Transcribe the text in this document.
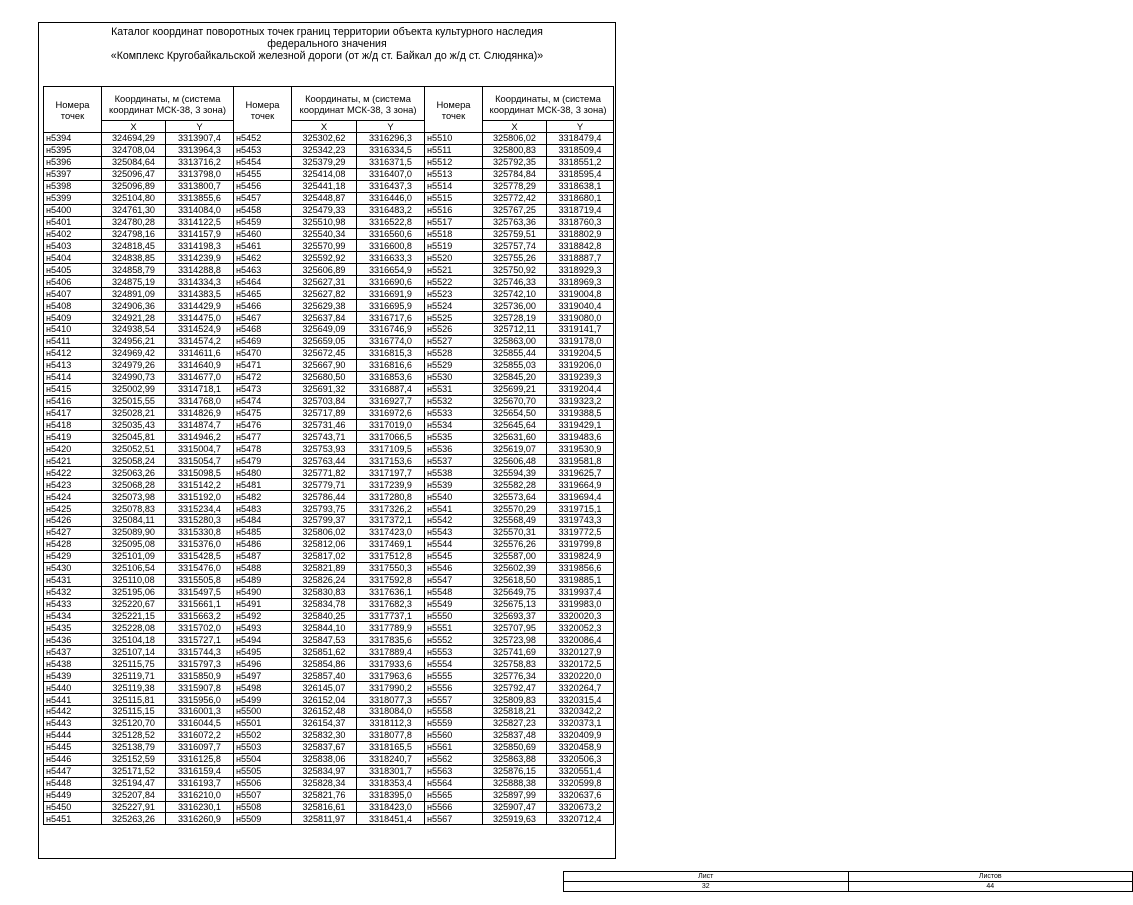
Каталог координат поворотных точек границ территории объекта культурного наследия
федерального значения
«Комплекс Кругобайкальской железной дороги (от ж/д ст. Байкал до ж/д ст. Слюдянка)»
Номера точек	Координаты, м (система координат МСК-38, 3 зона)		Номера точек	Координаты, м (система координат МСК-38, 3 зона)		Номера точек	Координаты, м (система координат МСК-38, 3 зона)	
	X	Y		X	Y		X	Y
н5394	324694,29	3313907,4	н5452	325302,62	3316296,3	н5510	325806,02	3318479,4
н5395	324708,04	3313964,3	н5453	325342,23	3316334,5	н5511	325800,83	3318509,4
н5396	325084,64	3313716,2	н5454	325379,29	3316371,5	н5512	325792,35	3318551,2
н5397	325096,47	3313798,0	н5455	325414,08	3316407,0	н5513	325784,84	3318595,4
н5398	325096,89	3313800,7	н5456	325441,18	3316437,3	н5514	325778,29	3318638,1
н5399	325104,80	3313855,6	н5457	325448,87	3316446,0	н5515	325772,42	3318680,1
н5400	324761,30	3314084,0	н5458	325479,33	3316483,2	н5516	325767,25	3318719,4
н5401	324780,28	3314122,5	н5459	325510,98	3316522,8	н5517	325763,36	3318760,3
н5402	324798,16	3314157,9	н5460	325540,34	3316560,6	н5518	325759,51	3318802,9
н5403	324818,45	3314198,3	н5461	325570,99	3316600,8	н5519	325757,74	3318842,8
н5404	324838,85	3314239,9	н5462	325592,92	3316633,3	н5520	325755,26	3318887,7
н5405	324858,79	3314288,8	н5463	325606,89	3316654,9	н5521	325750,92	3318929,3
н5406	324875,19	3314334,3	н5464	325627,31	3316690,6	н5522	325746,33	3318969,3
н5407	324891,09	3314383,5	н5465	325627,82	3316691,9	н5523	325742,10	3319004,8
н5408	324906,36	3314429,9	н5466	325629,38	3316695,9	н5524	325736,00	3319040,4
н5409	324921,28	3314475,0	н5467	325637,84	3316717,6	н5525	325728,19	3319080,0
н5410	324938,54	3314524,9	н5468	325649,09	3316746,9	н5526	325712,11	3319141,7
н5411	324956,21	3314574,2	н5469	325659,05	3316774,0	н5527	325863,00	3319178,0
н5412	324969,42	3314611,6	н5470	325672,45	3316815,3	н5528	325855,44	3319204,5
н5413	324979,26	3314640,9	н5471	325667,90	3316816,6	н5529	325855,03	3319206,0
н5414	324990,73	3314677,0	н5472	325680,50	3316853,6	н5530	325845,20	3319239,3
н5415	325002,99	3314718,1	н5473	325691,32	3316887,4	н5531	325699,21	3319204,4
н5416	325015,55	3314768,0	н5474	325703,84	3316927,7	н5532	325670,70	3319323,2
н5417	325028,21	3314826,9	н5475	325717,89	3316972,6	н5533	325654,50	3319388,5
н5418	325035,43	3314874,7	н5476	325731,46	3317019,0	н5534	325645,64	3319429,1
н5419	325045,81	3314946,2	н5477	325743,71	3317066,5	н5535	325631,60	3319483,6
н5420	325052,51	3315004,7	н5478	325753,93	3317109,5	н5536	325619,07	3319530,9
н5421	325058,24	3315054,7	н5479	325763,44	3317153,6	н5537	325606,48	3319581,8
н5422	325063,26	3315098,5	н5480	325771,82	3317197,7	н5538	325594,39	3319625,7
н5423	325068,28	3315142,2	н5481	325779,71	3317239,9	н5539	325582,28	3319664,9
н5424	325073,98	3315192,0	н5482	325786,44	3317280,8	н5540	325573,64	3319694,4
н5425	325078,83	3315234,4	н5483	325793,75	3317326,2	н5541	325570,29	3319715,1
н5426	325084,11	3315280,3	н5484	325799,37	3317372,1	н5542	325568,49	3319743,3
н5427	325089,90	3315330,8	н5485	325806,02	3317423,0	н5543	325570,31	3319772,5
н5428	325095,08	3315376,0	н5486	325812,06	3317469,1	н5544	325576,26	3319799,8
н5429	325101,09	3315428,5	н5487	325817,02	3317512,8	н5545	325587,00	3319824,9
н5430	325106,54	3315476,0	н5488	325821,89	3317550,3	н5546	325602,39	3319856,6
н5431	325110,08	3315505,8	н5489	325826,24	3317592,8	н5547	325618,50	3319885,1
н5432	325195,06	3315497,5	н5490	325830,83	3317636,1	н5548	325649,75	3319937,4
н5433	325220,67	3315661,1	н5491	325834,78	3317682,3	н5549	325675,13	3319983,0
н5434	325221,15	3315663,2	н5492	325840,25	3317737,1	н5550	325693,37	3320020,3
н5435	325228,08	3315702,0	н5493	325844,10	3317789,9	н5551	325707,95	3320052,3
н5436	325104,18	3315727,1	н5494	325847,53	3317835,6	н5552	325723,98	3320086,4
н5437	325107,14	3315744,3	н5495	325851,62	3317889,4	н5553	325741,69	3320127,9
н5438	325115,75	3315797,3	н5496	325854,86	3317933,6	н5554	325758,83	3320172,5
н5439	325119,71	3315850,9	н5497	325857,40	3317963,6	н5555	325776,34	3320220,0
н5440	325119,38	3315907,8	н5498	326145,07	3317990,2	н5556	325792,47	3320264,7
н5441	325115,81	3315956,0	н5499	326152,04	3318077,3	н5557	325809,83	3320315,4
н5442	325115,15	3316001,3	н5500	326152,48	3318084,0	н5558	325818,21	3320342,2
н5443	325120,70	3316044,5	н5501	326154,37	3318112,3	н5559	325827,23	3320373,1
н5444	325128,52	3316072,2	н5502	325832,30	3318077,8	н5560	325837,48	3320409,9
н5445	325138,79	3316097,7	н5503	325837,67	3318165,5	н5561	325850,69	3320458,9
н5446	325152,59	3316125,8	н5504	325838,06	3318240,7	н5562	325863,88	3320506,3
н5447	325171,52	3316159,4	н5505	325834,97	3318301,7	н5563	325876,15	3320551,4
н5448	325194,47	3316193,7	н5506	325828,34	3318353,4	н5564	325888,38	3320599,8
н5449	325207,84	3316210,0	н5507	325821,76	3318395,0	н5565	325897,99	3320637,6
н5450	325227,91	3316230,1	н5508	325816,61	3318423,0	н5566	325907,47	3320673,2
н5451	325263,26	3316260,9	н5509	325811,97	3318451,4	н5567	325919,63	3320712,4
Лист	Листов
32	44
